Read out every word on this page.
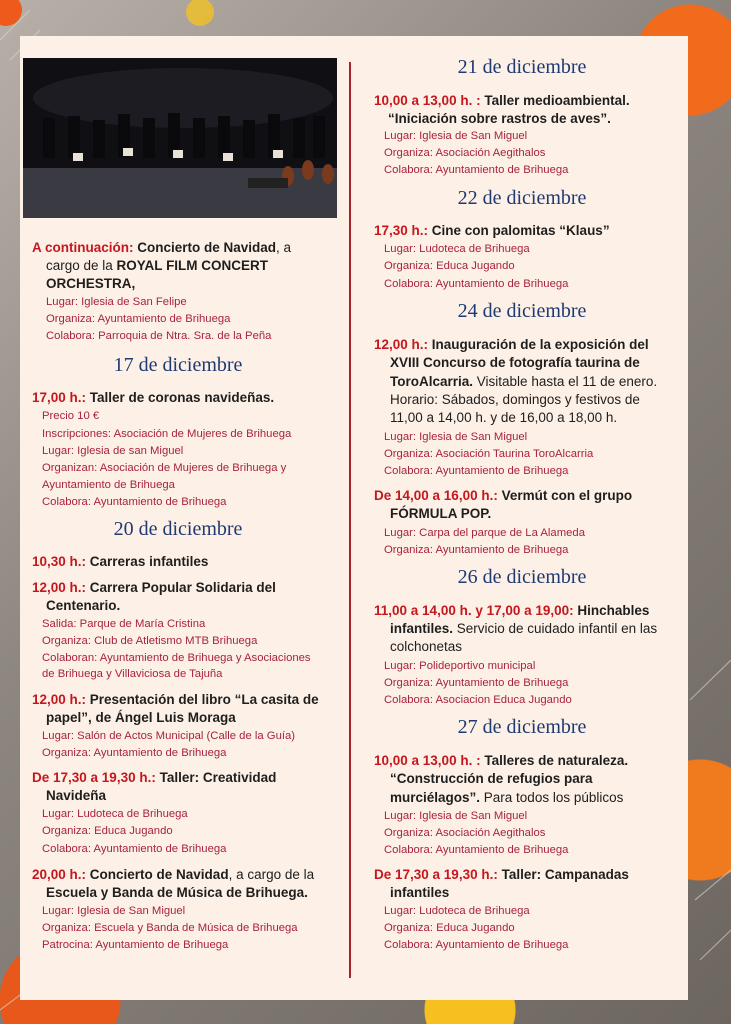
A continuación: Concierto de Navidad, a
cargo de la ROYAL FILM CONCERT
ORCHESTRA,
Lugar: Iglesia de San Felipe
Organiza: Ayuntamiento de Brihuega
Colabora: Parroquia de Ntra. Sra. de la Peña
17 de diciembre
17,00 h.: Taller de coronas navideñas.
Precio 10 €
Inscripciones: Asociación de Mujeres de Brihuega
Lugar: Iglesia de san Miguel
Organizan: Asociación de Mujeres de Brihuega y
Ayuntamiento de Brihuega
Colabora: Ayuntamiento de Brihuega
20 de diciembre
10,30 h.: Carreras infantiles
12,00 h.: Carrera Popular Solidaria del
Centenario.
Salida: Parque de María Cristina
Organiza: Club de Atletismo MTB Brihuega
Colaboran: Ayuntamiento de Brihuega y Asociaciones
de Brihuega y Villaviciosa de Tajuña
12,00 h.: Presentación del libro “La casita de
papel”, de Ángel Luis Moraga
Lugar: Salón de Actos Municipal (Calle de la Guía)
Organiza: Ayuntamiento de Brihuega
De 17,30 a 19,30 h.: Taller: Creatividad
Navideña
Lugar: Ludoteca de Brihuega
Organiza: Educa Jugando
Colabora: Ayuntamiento de Brihuega
20,00 h.: Concierto de Navidad, a cargo de la
Escuela y Banda de Música de Brihuega.
Lugar: Iglesia de San Miguel
Organiza: Escuela y Banda de Música de Brihuega
Patrocina: Ayuntamiento de Brihuega
21 de diciembre
10,00 a 13,00 h. : Taller medioambiental.
“Iniciación sobre rastros de aves”.
Lugar: Iglesia de San Miguel
Organiza: Asociación Aegithalos
Colabora: Ayuntamiento de Brihuega
22 de diciembre
17,30 h.: Cine con palomitas “Klaus”
Lugar: Ludoteca de Brihuega
Organiza: Educa Jugando
Colabora: Ayuntamiento de Brihuega
24 de diciembre
12,00 h.: Inauguración de la exposición del
XVIII Concurso de fotografía taurina de
ToroAlcarria. Visitable hasta el 11 de enero.
Horario: Sábados, domingos y festivos de
11,00 a 14,00 h. y de 16,00 a 18,00 h.
Lugar: Iglesia de San Miguel
Organiza: Asociación Taurina ToroAlcarria
Colabora: Ayuntamiento de Brihuega
De 14,00 a 16,00 h.: Vermút con el grupo
FÓRMULA POP.
Lugar: Carpa del parque de La Alameda
Organiza: Ayuntamiento de Brihuega
26 de diciembre
11,00 a 14,00 h. y 17,00 a 19,00: Hinchables
infantiles. Servicio de cuidado infantil en las
colchonetas
Lugar: Polideportivo municipal
Organiza: Ayuntamiento de Brihuega
Colabora: Asociacion Educa Jugando
27 de diciembre
10,00 a 13,00 h. : Talleres de naturaleza.
“Construcción de refugios para
murciélagos”. Para todos los públicos
Lugar: Iglesia de San Miguel
Organiza: Asociación Aegithalos
Colabora: Ayuntamiento de Brihuega
De 17,30 a 19,30 h.: Taller: Campanadas
infantiles
Lugar: Ludoteca de Brihuega
Organiza: Educa Jugando
Colabora: Ayuntamiento de Brihuega
